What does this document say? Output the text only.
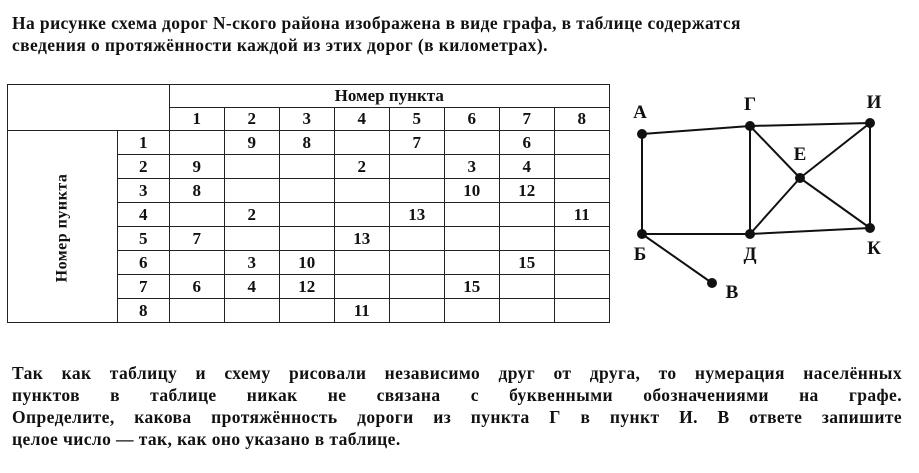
На рисунке схема дорог N-ского района изображена в виде графа, в таблице содержатся
сведения о протяжённости каждой из этих дорог (в километрах).
		Номер пункта							
		1	2	3	4	5	6	7	8
Номер пункта	1		9	8		7		6	
	2	9			2		3	4	
	3	8					10	12	
	4		2			13			11
	5	7			13				
	6		3	10				15	
	7	6	4	12			15		
	8				11				
А	Г	И
Е
Б	Д	К
В
Так как таблицу и схему рисовали независимо друг от друга, то нумерация населённых
пунктов в таблице никак не связана с буквенными обозначениями на графе.
Определите, какова протяжённость дороги из пункта Г в пункт И. В ответе запишите
целое число — так, как оно указано в таблице.
